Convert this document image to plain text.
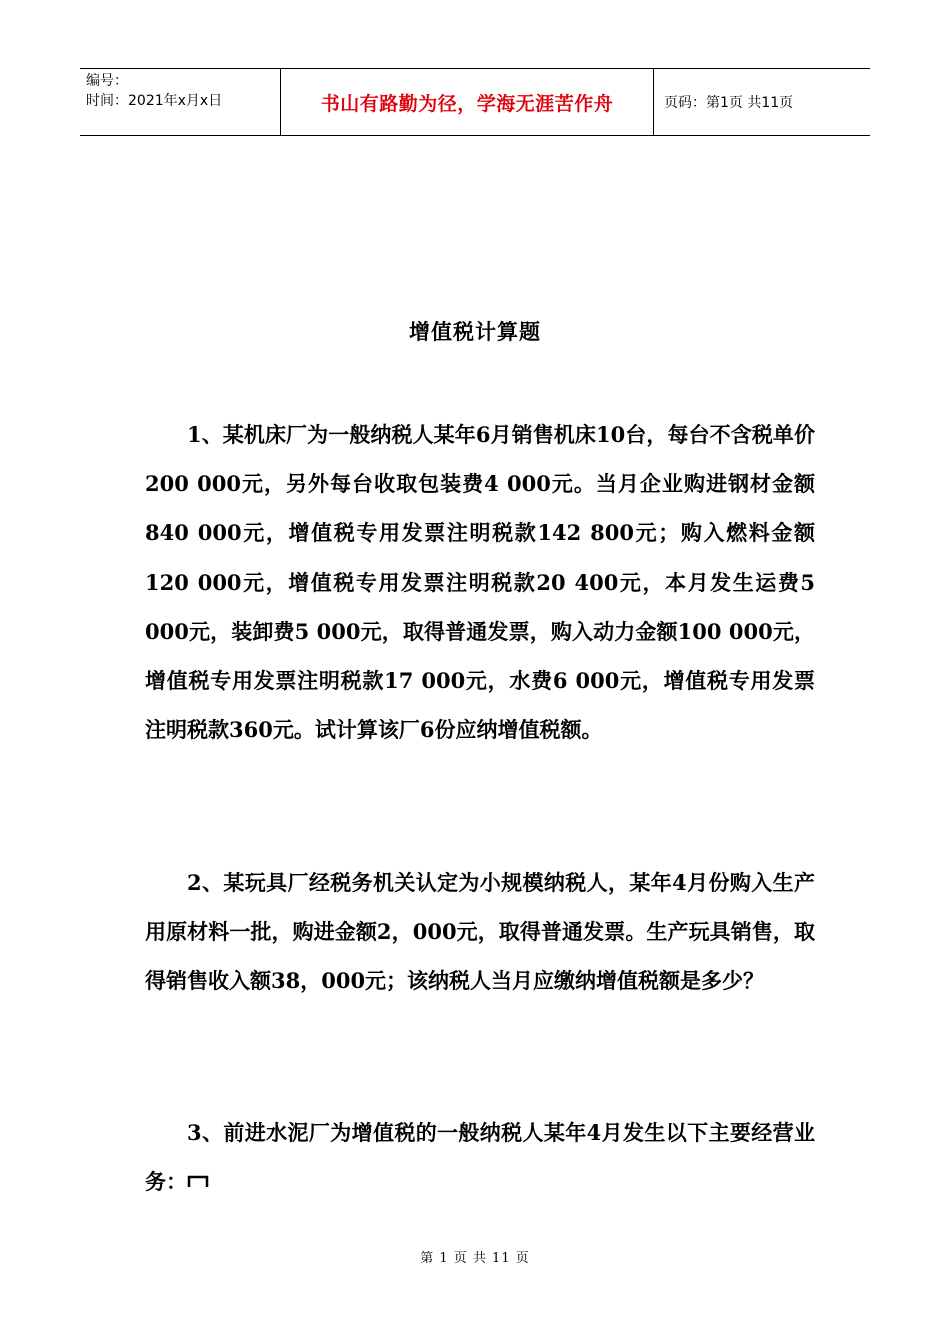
编号：
时间：2021年x月x日	书山有路勤为径，学海无涯苦作舟	页码：第1页 共11页
增值税计算题

1、某机床厂为一般纳税人某年6月销售机床10台，每台不含税单价200 000元，另外每台收取包装费4 000元。当月企业购进钢材金额840 000元，增值税专用发票注明税款142 800元；购入燃料金额120 000元，增值税专用发票注明税款20 400元，本月发生运费5 000元，装卸费5 000元，取得普通发票，购入动力金额100 000元，增值税专用发票注明税款17 000元，水费6 000元，增值税专用发票注明税款360元。试计算该厂6份应纳增值税额。

2、某玩具厂经税务机关认定为小规模纳税人，某年4月份购入生产用原材料一批，购进金额2，000元，取得普通发票。生产玩具销售，取得销售收入额38，000元；该纳税人当月应缴纳增值税额是多少？

3、前进水泥厂为增值税的一般纳税人某年4月发生以下主要经营业务：

第 1 页 共 11 页
